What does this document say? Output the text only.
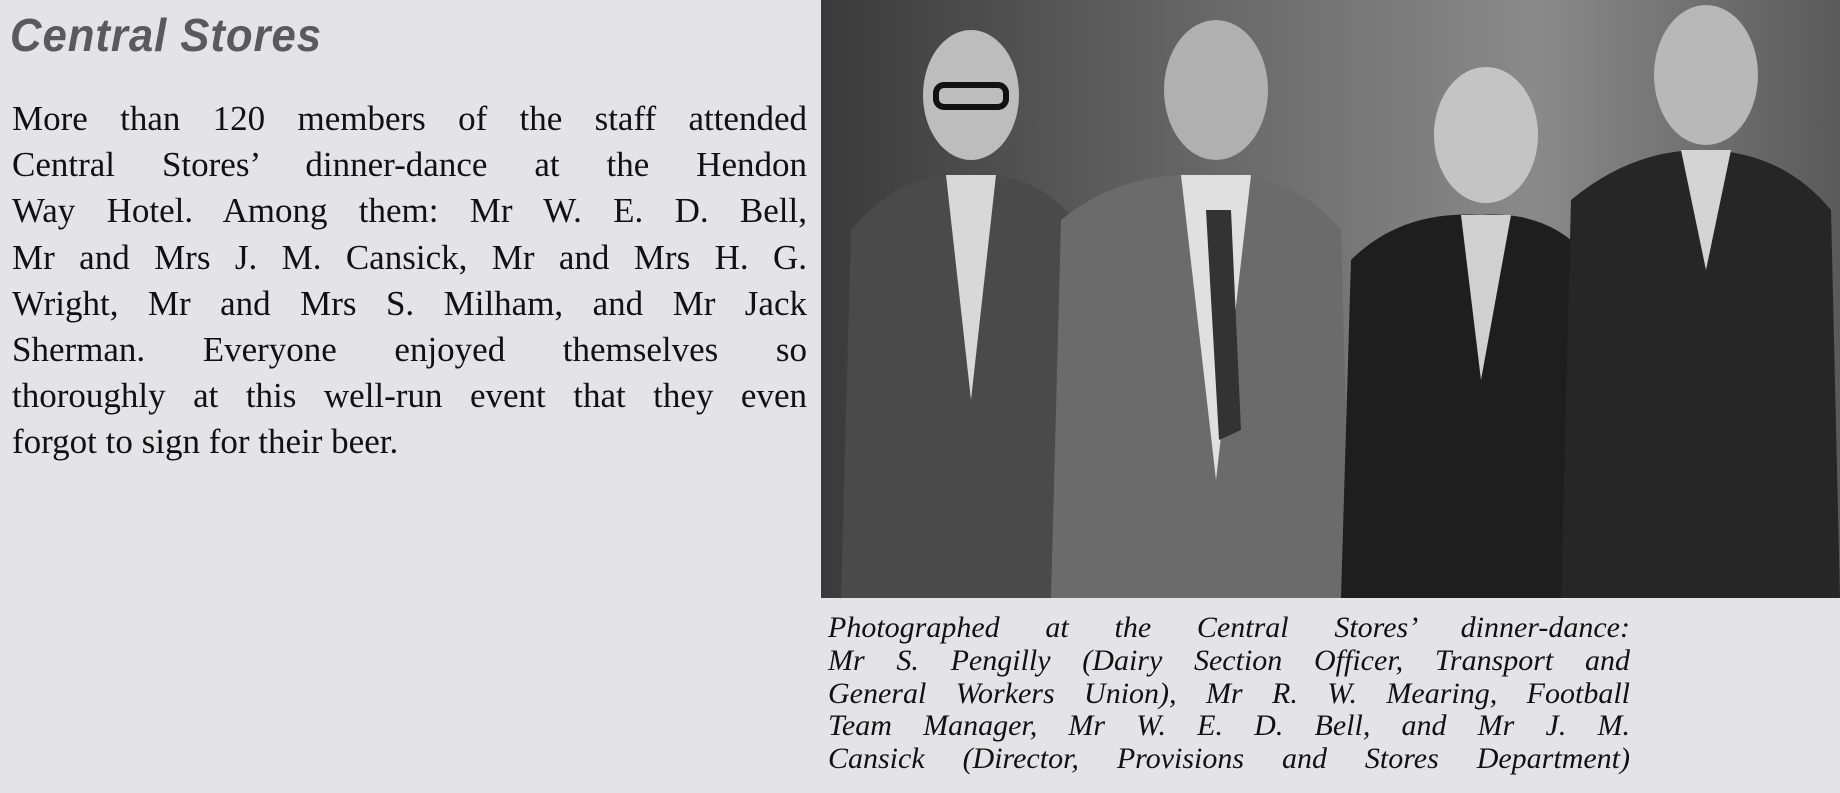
Central Stores
More than 120 members of the staff attended
Central Stores’ dinner-dance at the Hendon
Way Hotel. Among them: Mr W. E. D. Bell,
Mr and Mrs J. M. Cansick, Mr and Mrs H. G.
Wright, Mr and Mrs S. Milham, and Mr Jack
Sherman. Everyone enjoyed themselves so
thoroughly at this well-run event that they even
forgot to sign for their beer.
Photographed at the Central Stores’ dinner-dance:
Mr S. Pengilly (Dairy Section Officer, Transport and
General Workers Union), Mr R. W. Mearing, Football
Team Manager, Mr W. E. D. Bell, and Mr J. M.
Cansick (Director, Provisions and Stores Department)
